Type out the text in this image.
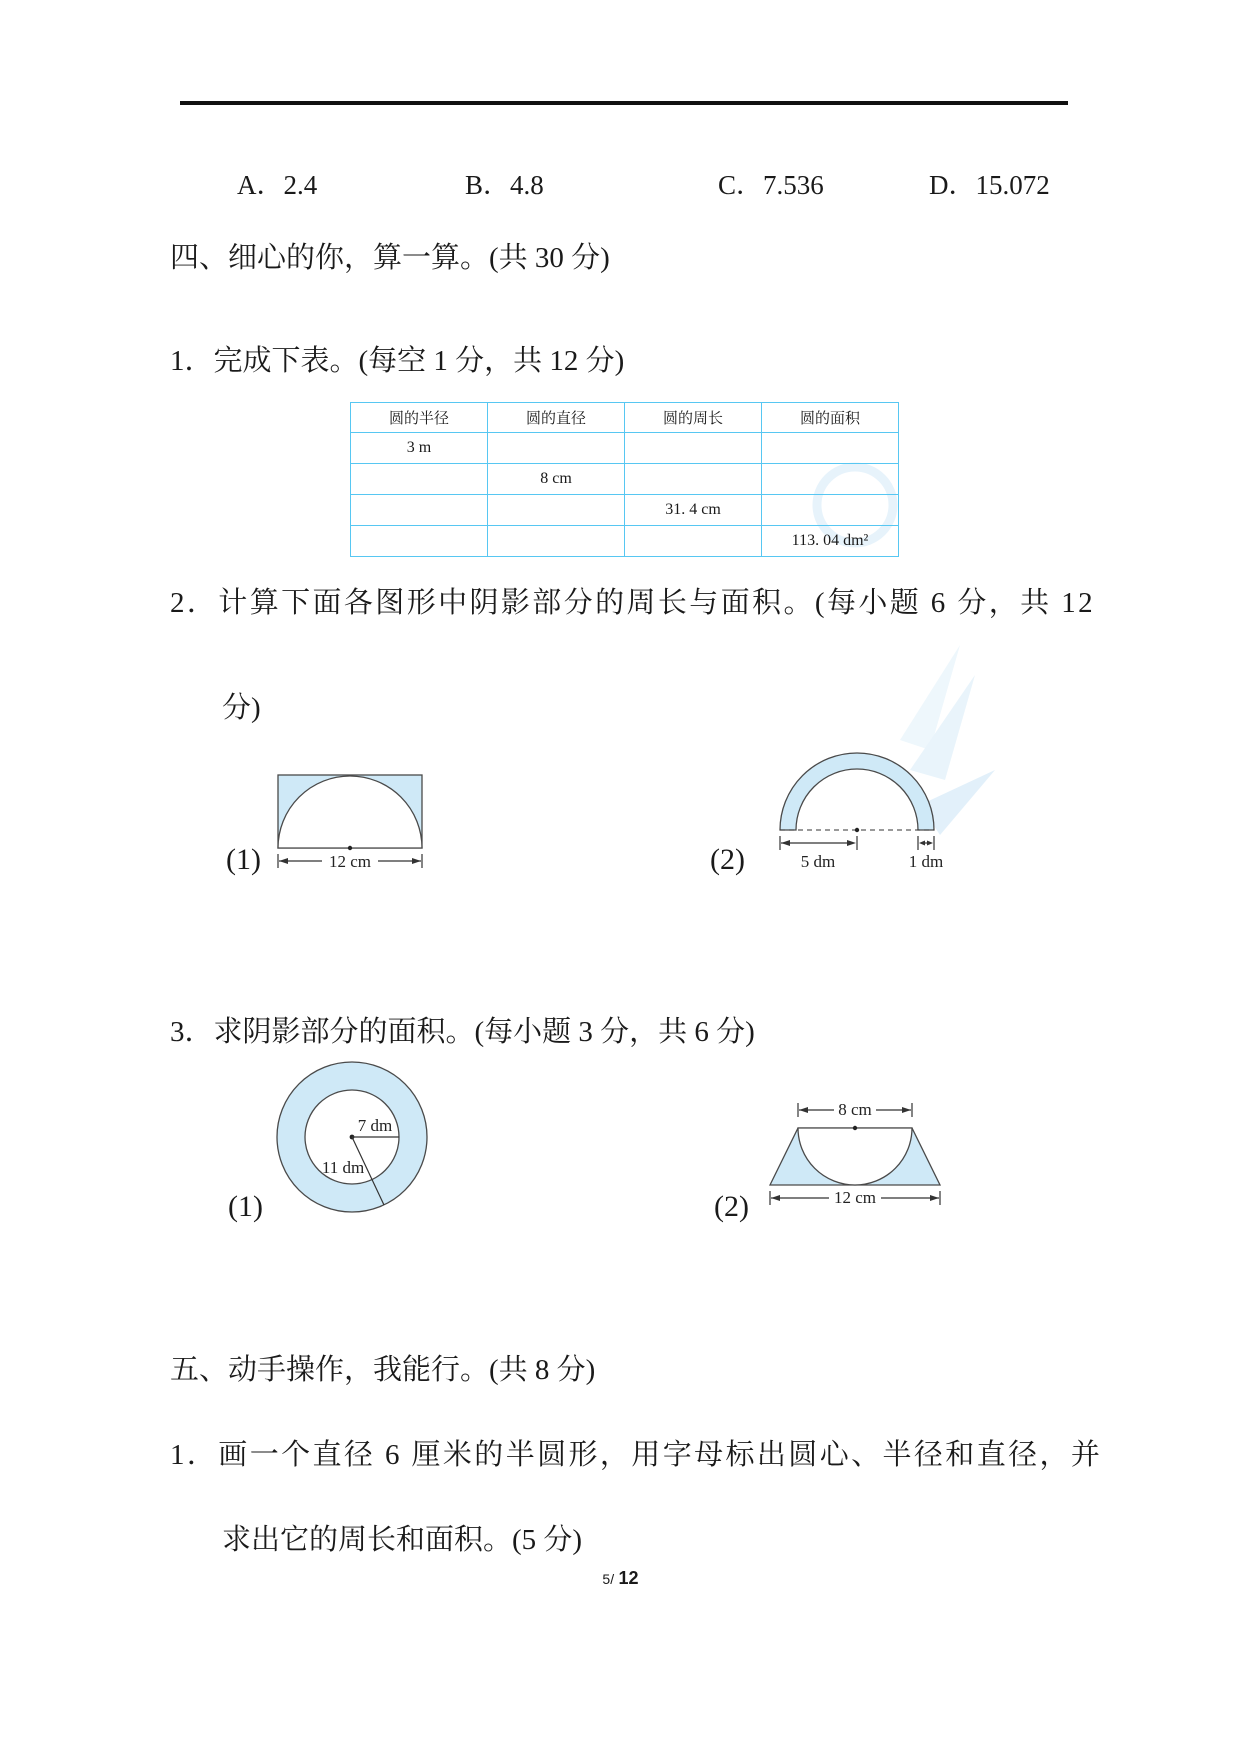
A．2.4	B．4.8	C．7.536	D．15.072
四、细心的你，算一算。(共 30 分)
1．完成下表。(每空 1 分，共 12 分)
圆的半径	圆的直径	圆的周长	圆的面积
3 m			
	8 cm		
		31. 4 cm	
			113. 04 dm²
2．计算下面各图形中阴影部分的周长与面积。(每小题 6 分，共 12
分)
12 cm
(1)	5 dm	1 dm
(2)
3．求阴影部分的面积。(每小题 3 分，共 6 分)
7 dm
11 dm
(1)
8 cm
12 cm
(2)
五、动手操作，我能行。(共 8 分)
1．画一个直径 6 厘米的半圆形，用字母标出圆心、半径和直径，并
求出它的周长和面积。(5 分)
5/ 12
